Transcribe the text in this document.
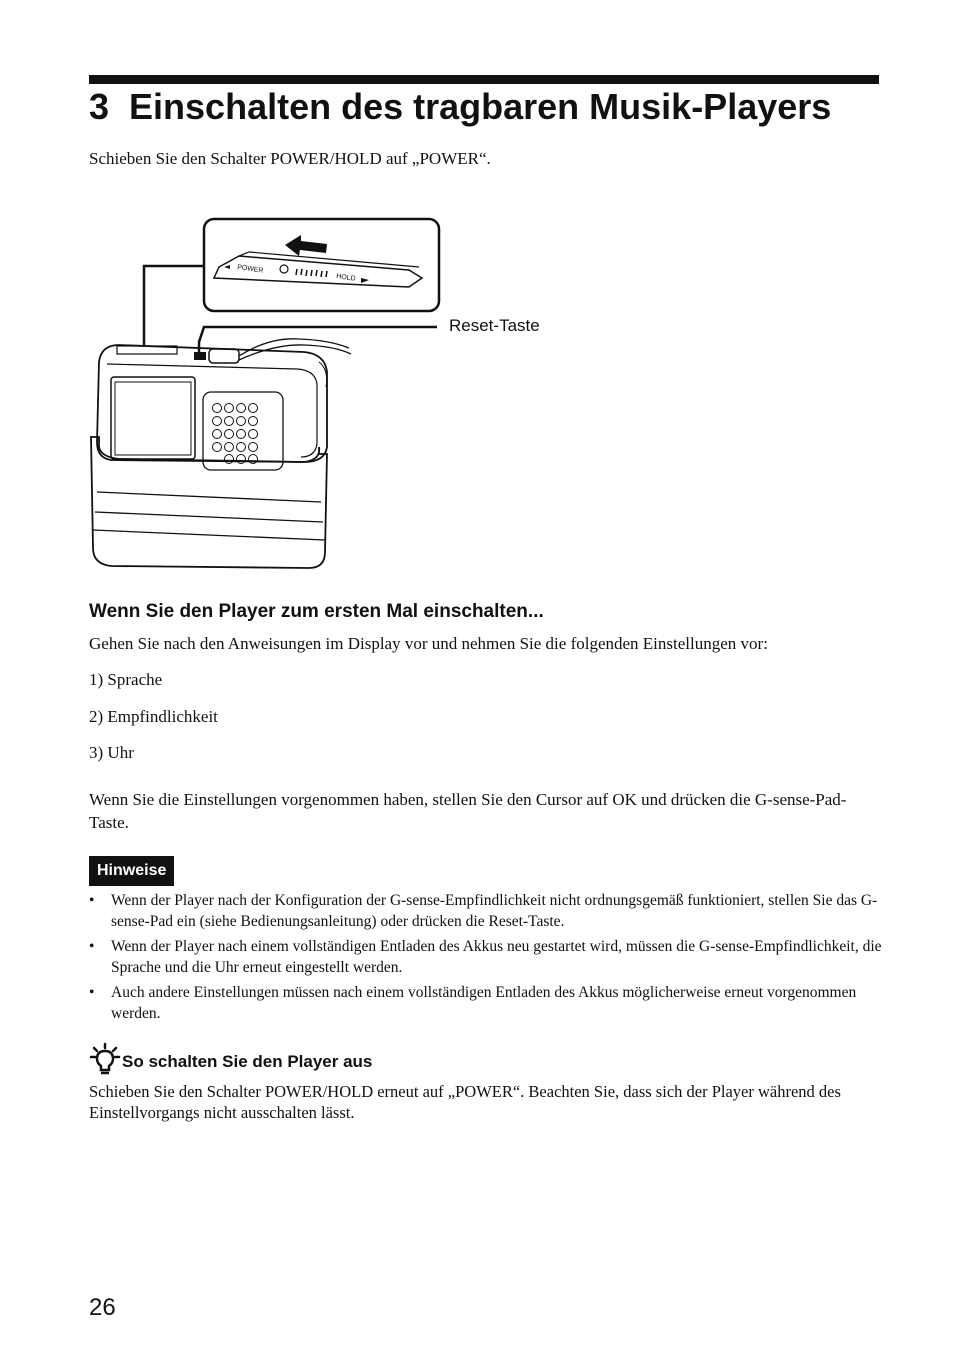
3 Einschalten des tragbaren Musik-Players
Schieben Sie den Schalter POWER/HOLD auf „POWER“.
POWER
HOLD
Reset-Taste
Wenn Sie den Player zum ersten Mal einschalten...
Gehen Sie nach den Anweisungen im Display vor und nehmen Sie die folgenden Einstellungen vor:
1) Sprache
2) Empfindlichkeit
3) Uhr
Wenn Sie die Einstellungen vorgenommen haben, stellen Sie den Cursor auf OK und drücken die G-sense-Pad-Taste.
Hinweise
• Wenn der Player nach der Konfiguration der G-sense-Empfindlichkeit nicht ordnungsgemäß funktioniert, stellen Sie das G-sense-Pad ein (siehe Bedienungsanleitung) oder drücken die Reset-Taste.
• Wenn der Player nach einem vollständigen Entladen des Akkus neu gestartet wird, müssen die G-sense-Empfindlichkeit, die Sprache und die Uhr erneut eingestellt werden.
• Auch andere Einstellungen müssen nach einem vollständigen Entladen des Akkus möglicherweise erneut vorgenommen werden.
So schalten Sie den Player aus
Schieben Sie den Schalter POWER/HOLD erneut auf „POWER“. Beachten Sie, dass sich der Player während des Einstellvorgangs nicht ausschalten lässt.
26
